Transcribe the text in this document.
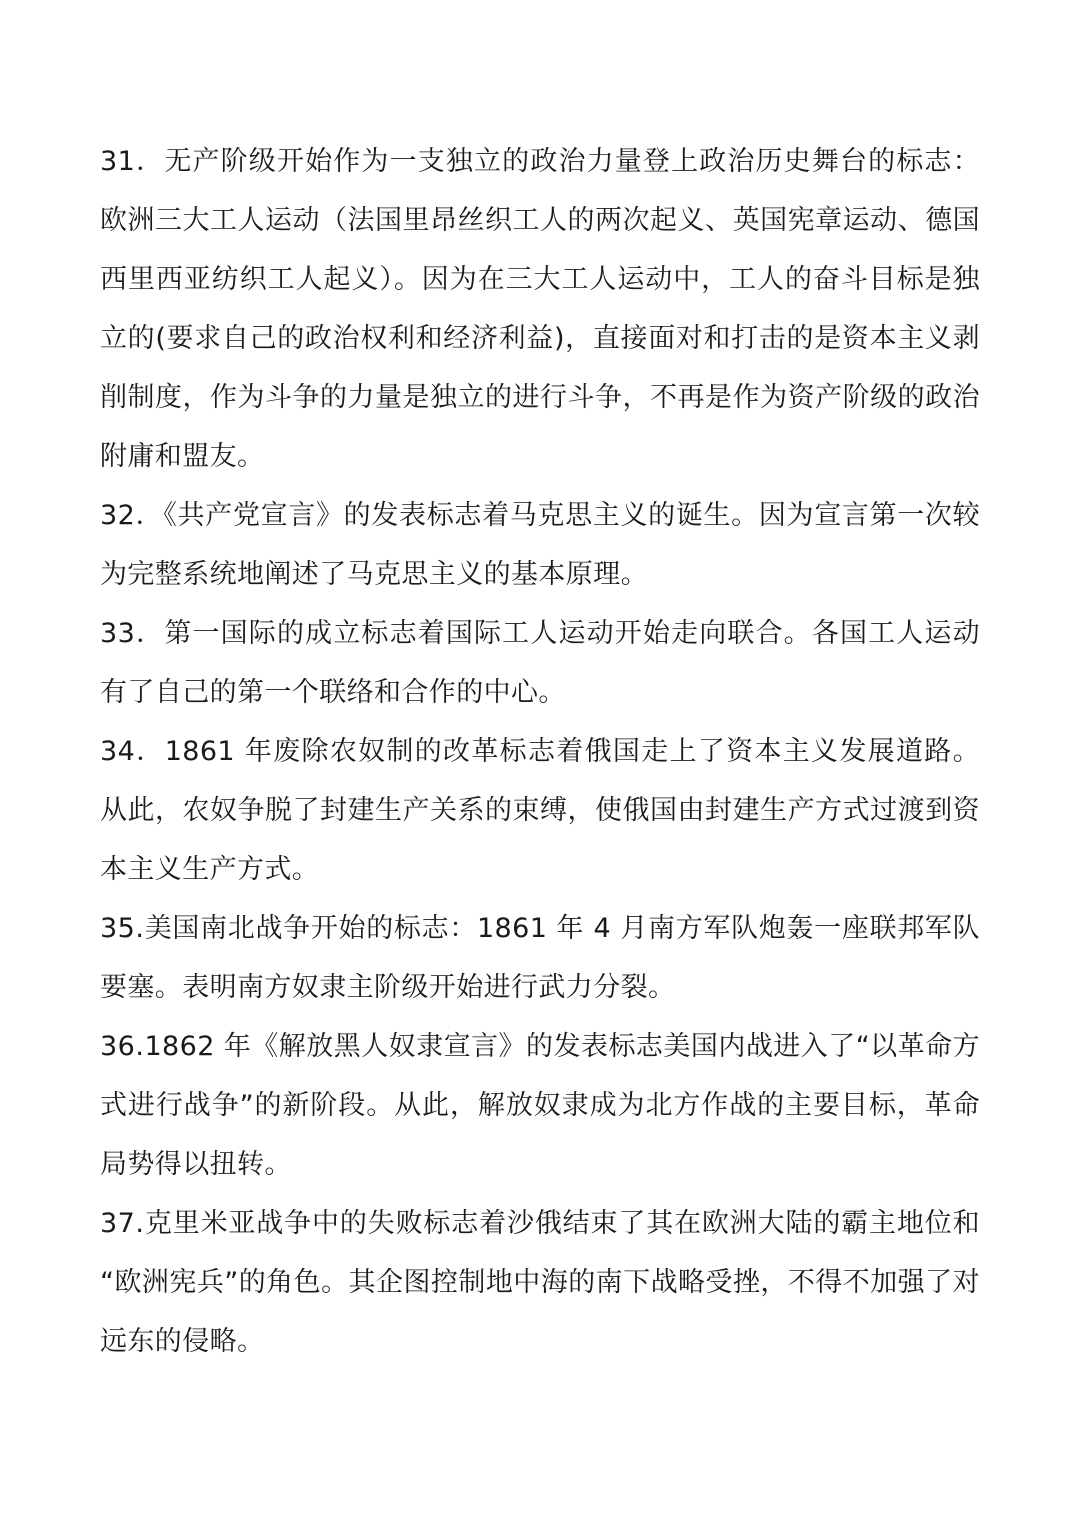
31．无产阶级开始作为一支独立的政治力量登上政治历史舞台的标志：欧洲三大工人运动（法国里昂丝织工人的两次起义、英国宪章运动、德国西里西亚纺织工人起义）。因为在三大工人运动中，工人的奋斗目标是独立的(要求自己的政治权利和经济利益)，直接面对和打击的是资本主义剥削制度，作为斗争的力量是独立的进行斗争，不再是作为资产阶级的政治附庸和盟友。

32．《共产党宣言》的发表标志着马克思主义的诞生。因为宣言第一次较为完整系统地阐述了马克思主义的基本原理。

33．第一国际的成立标志着国际工人运动开始走向联合。各国工人运动有了自己的第一个联络和合作的中心。

34．1861 年废除农奴制的改革标志着俄国走上了资本主义发展道路。从此，农奴争脱了封建生产关系的束缚，使俄国由封建生产方式过渡到资本主义生产方式。

35.美国南北战争开始的标志：1861 年 4 月南方军队炮轰一座联邦军队要塞。表明南方奴隶主阶级开始进行武力分裂。

36.1862 年《解放黑人奴隶宣言》的发表标志美国内战进入了“以革命方式进行战争”的新阶段。从此，解放奴隶成为北方作战的主要目标，革命局势得以扭转。

37.克里米亚战争中的失败标志着沙俄结束了其在欧洲大陆的霸主地位和“欧洲宪兵”的角色。其企图控制地中海的南下战略受挫，不得不加强了对远东的侵略。
